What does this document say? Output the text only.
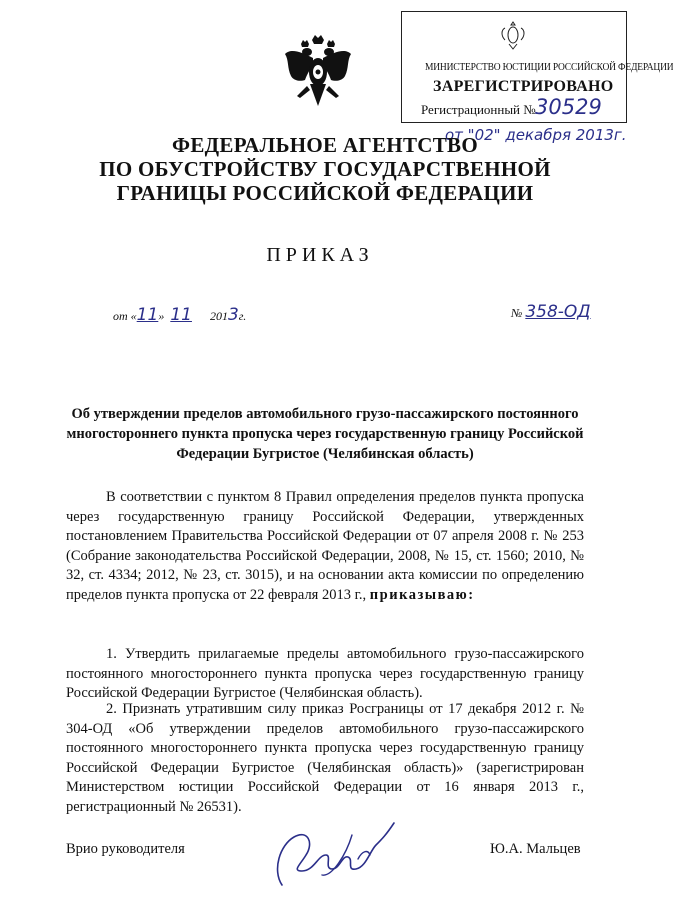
МИНИСТЕРСТВО ЮСТИЦИИ РОССИЙСКОЙ ФЕДЕРАЦИИ
ЗАРЕГИСТРИРОВАНО
Регистрационный № 30529
от "02" декабря 2013г.
ФЕДЕРАЛЬНОЕ АГЕНТСТВО
ПО ОБУСТРОЙСТВУ ГОСУДАРСТВЕННОЙ
ГРАНИЦЫ РОССИЙСКОЙ ФЕДЕРАЦИИ
ПРИКАЗ
от «11» 11 2013г.	№ 358-ОД
Об утверждении пределов автомобильного грузо-пассажирского постоянного многостороннего пункта пропуска через государственную границу Российской Федерации Бугристое (Челябинская область)
В соответствии с пунктом 8 Правил определения пределов пункта пропуска через государственную границу Российской Федерации, утвержденных постановлением Правительства Российской Федерации от 07 апреля 2008 г. № 253 (Собрание законодательства Российской Федерации, 2008, № 15, ст. 1560; 2010, № 32, ст. 4334; 2012, № 23, ст. 3015), и на основании акта комиссии по определению пределов пункта пропуска от 22 февраля 2013 г., приказываю:
1. Утвердить прилагаемые пределы автомобильного грузо-пассажирского постоянного многостороннего пункта пропуска через государственную границу Российской Федерации Бугристое (Челябинская область).
2. Признать утратившим силу приказ Росграницы от 17 декабря 2012 г. № 304-ОД «Об утверждении пределов автомобильного грузо-пассажирского постоянного многостороннего пункта пропуска через государственную границу Российской Федерации Бугристое (Челябинская область)» (зарегистрирован Министерством юстиции Российской Федерации от 16 января 2013 г., регистрационный № 26531).
Врио руководителя	Ю.А. Мальцев
